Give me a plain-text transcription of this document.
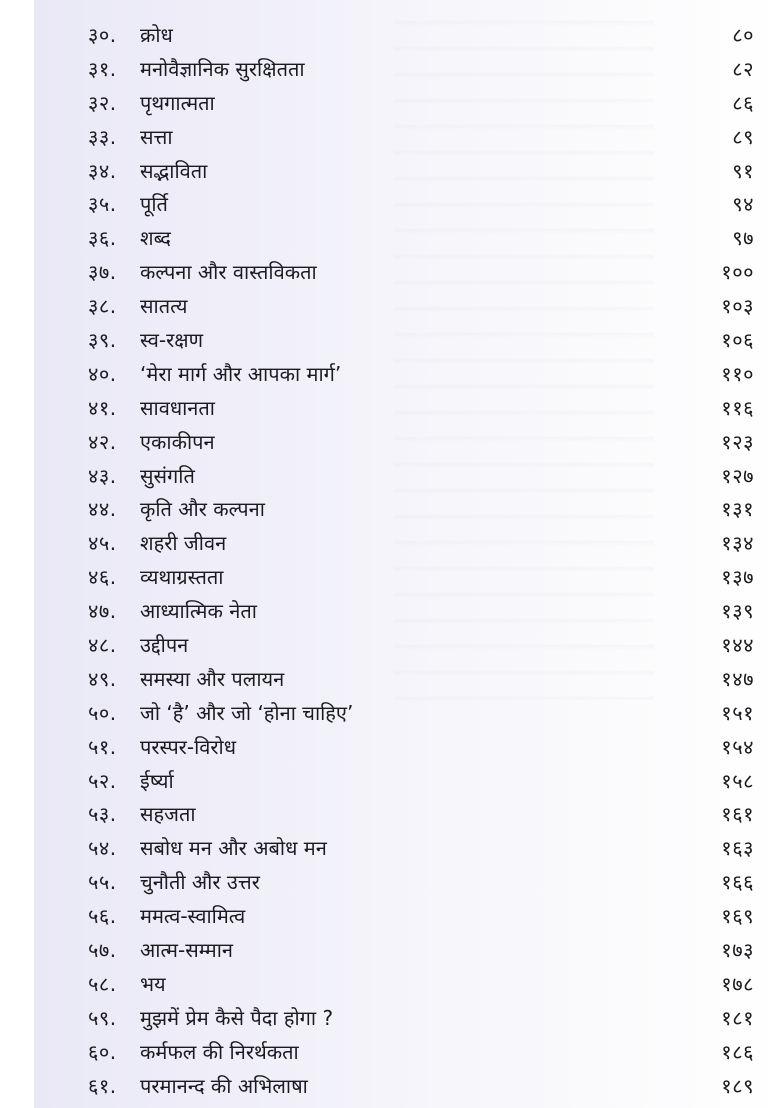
३०.	क्रोध	८०
३१.	मनोवैज्ञानिक सुरक्षितता	८२
३२.	पृथगात्मता	८६
३३.	सत्ता	८९
३४.	सद्भाविता	९१
३५.	पूर्ति	९४
३६.	शब्द	९७
३७.	कल्पना और वास्तविकता	१००
३८.	सातत्य	१०३
३९.	स्व-रक्षण	१०६
४०.	‘मेरा मार्ग और आपका मार्ग’	११०
४१.	सावधानता	११६
४२.	एकाकीपन	१२३
४३.	सुसंगति	१२७
४४.	कृति और कल्पना	१३१
४५.	शहरी जीवन	१३४
४६.	व्यथाग्रस्तता	१३७
४७.	आध्यात्मिक नेता	१३९
४८.	उद्दीपन	१४४
४९.	समस्या और पलायन	१४७
५०.	जो ‘है’ और जो ‘होना चाहिए’	१५१
५१.	परस्पर-विरोध	१५४
५२.	ईर्ष्या	१५८
५३.	सहजता	१६१
५४.	सबोध मन और अबोध मन	१६३
५५.	चुनौती और उत्तर	१६६
५६.	ममत्व-स्वामित्व	१६९
५७.	आत्म-सम्मान	१७३
५८.	भय	१७८
५९.	मुझमें प्रेम कैसे पैदा होगा ?	१८१
६०.	कर्मफल की निरर्थकता	१८६
६१.	परमानन्द की अभिलाषा	१८९
